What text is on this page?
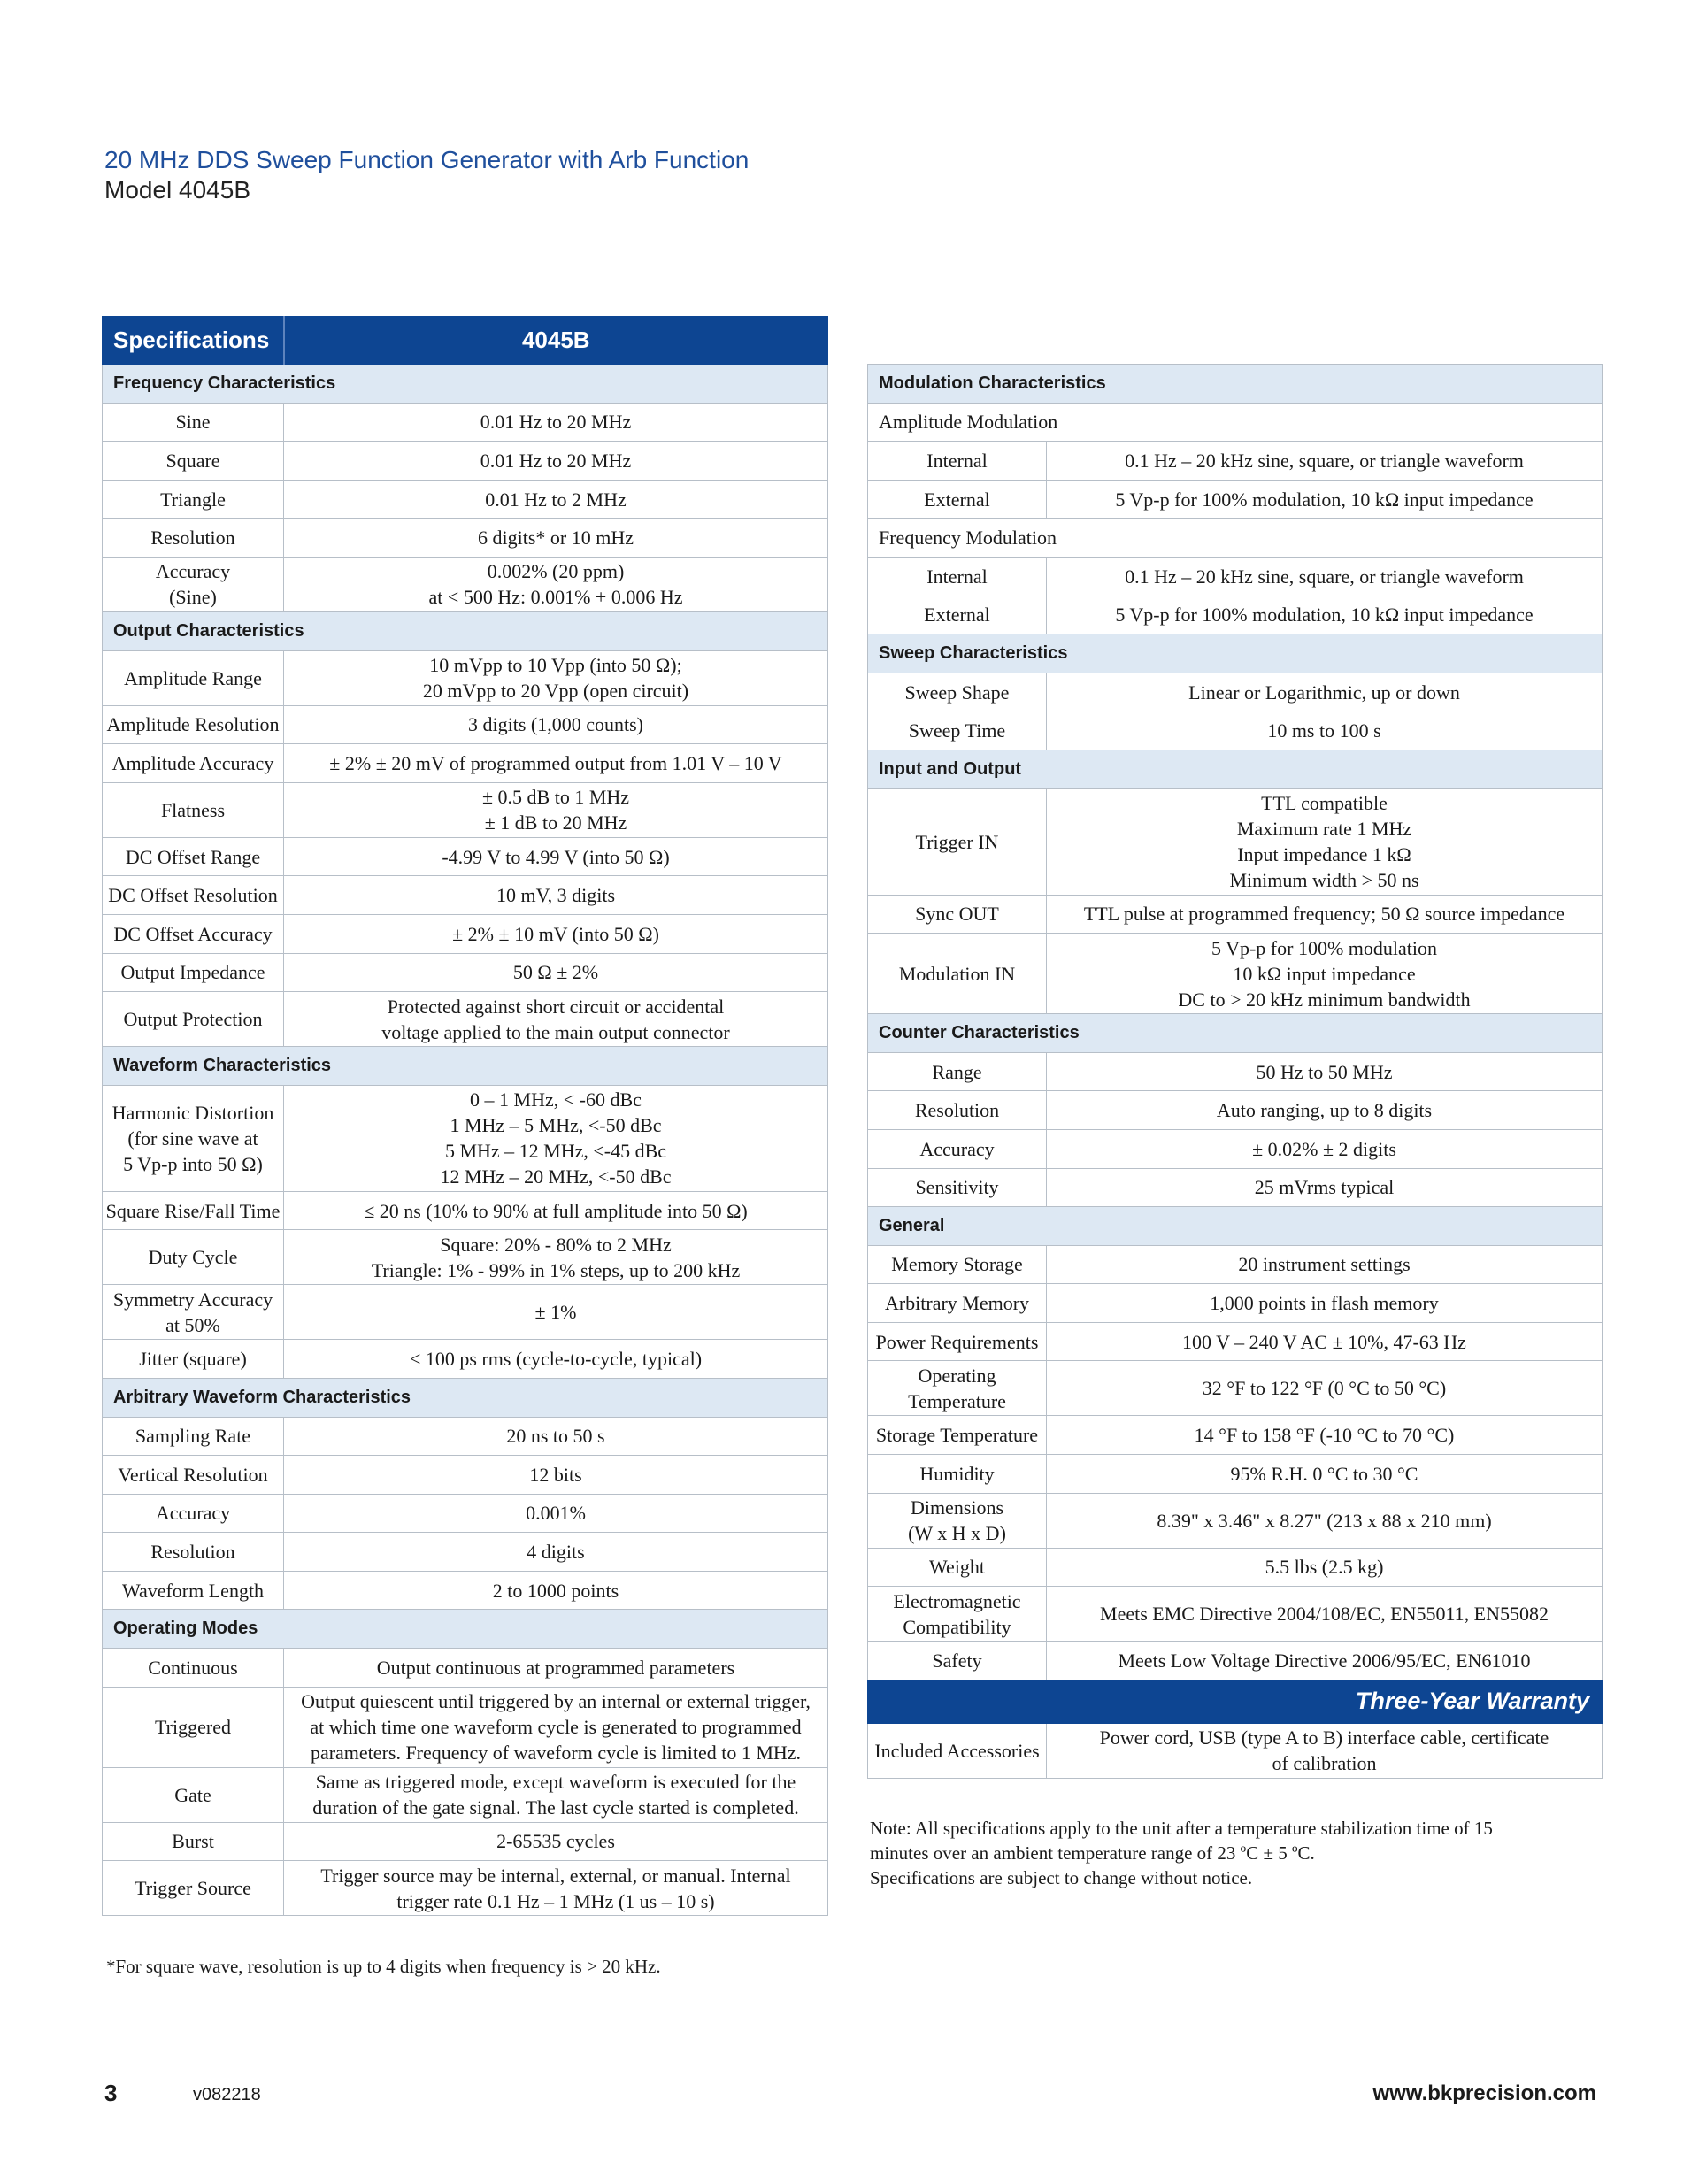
20 MHz DDS Sweep Function Generator with Arb Function
Model 4045B
Specifications	4045B
Frequency Characteristics	
Sine	0.01 Hz to 20 MHz
Square	0.01 Hz to 20 MHz
Triangle	0.01 Hz to 2 MHz
Resolution	6 digits* or 10 mHz
Accuracy
(Sine)	0.002% (20 ppm)
at < 500 Hz: 0.001% + 0.006 Hz
Output Characteristics	
Amplitude Range	10 mVpp to 10 Vpp (into 50 Ω);
20 mVpp to 20 Vpp (open circuit)
Amplitude Resolution	3 digits (1,000 counts)
Amplitude Accuracy	± 2% ± 20 mV of programmed output from 1.01 V – 10 V
Flatness	± 0.5 dB to 1 MHz
± 1 dB to 20 MHz
DC Offset Range	-4.99 V to 4.99 V (into 50 Ω)
DC Offset Resolution	10 mV, 3 digits
DC Offset Accuracy	± 2% ± 10 mV (into 50 Ω)
Output Impedance	50 Ω ± 2%
Output Protection	Protected against short circuit or accidental
voltage applied to the main output connector
Waveform Characteristics	
Harmonic Distortion
(for sine wave at
5 Vp-p into 50 Ω)	0 – 1 MHz, < -60 dBc
1 MHz – 5 MHz, <-50 dBc
5 MHz – 12 MHz, <-45 dBc
12 MHz – 20 MHz, <-50 dBc
Square Rise/Fall Time	≤ 20 ns (10% to 90% at full amplitude into 50 Ω)
Duty Cycle	Square: 20% - 80% to 2 MHz
Triangle: 1% - 99% in 1% steps, up to 200 kHz
Symmetry Accuracy
at 50%	± 1%
Jitter (square)	< 100 ps rms (cycle-to-cycle, typical)
Arbitrary Waveform Characteristics	
Sampling Rate	20 ns to 50 s
Vertical Resolution	12 bits
Accuracy	0.001%
Resolution	4 digits
Waveform Length	2 to 1000 points
Operating Modes	
Continuous	Output continuous at programmed parameters
Triggered	Output quiescent until triggered by an internal or external trigger,
at which time one waveform cycle is generated to programmed
parameters. Frequency of waveform cycle is limited to 1 MHz.
Gate	Same as triggered mode, except waveform is executed for the
duration of the gate signal. The last cycle started is completed.
Burst	2-65535 cycles
Trigger Source	Trigger source may be internal, external, or manual. Internal
trigger rate 0.1 Hz – 1 MHz (1 us – 10 s)
Modulation Characteristics	
Amplitude Modulation	
Internal	0.1 Hz – 20 kHz sine, square, or triangle waveform
External	5 Vp-p for 100% modulation, 10 kΩ input impedance
Frequency Modulation	
Internal	0.1 Hz – 20 kHz sine, square, or triangle waveform
External	5 Vp-p for 100% modulation, 10 kΩ input impedance
Sweep Characteristics	
Sweep Shape	Linear or Logarithmic, up or down
Sweep Time	10 ms to 100 s
Input and Output	
Trigger IN	TTL compatible
Maximum rate 1 MHz
Input impedance 1 kΩ
Minimum width > 50 ns
Sync OUT	TTL pulse at programmed frequency; 50 Ω source impedance
Modulation IN	5 Vp-p for 100% modulation
10 kΩ input impedance
DC to > 20 kHz minimum bandwidth
Counter Characteristics	
Range	50 Hz to 50 MHz
Resolution	Auto ranging, up to 8 digits
Accuracy	± 0.02% ± 2 digits
Sensitivity	25 mVrms typical
General	
Memory Storage	20 instrument settings
Arbitrary Memory	1,000 points in flash memory
Power Requirements	100 V – 240 V AC ± 10%, 47-63 Hz
Operating
Temperature	32 °F to 122 °F (0 °C to 50 °C)
Storage Temperature	14 °F to 158 °F (-10 °C to 70 °C)
Humidity	95% R.H. 0 °C to 30 °C
Dimensions
(W x H x D)	8.39" x 3.46" x 8.27" (213 x 88 x 210 mm)
Weight	5.5 lbs (2.5 kg)
Electromagnetic
Compatibility	Meets EMC Directive 2004/108/EC, EN55011, EN55082
Safety	Meets Low Voltage Directive 2006/95/EC, EN61010
Three-Year Warranty	
Included Accessories	Power cord, USB (type A to B) interface cable, certificate
of calibration
*For square wave, resolution is up to 4 digits when frequency is > 20 kHz.
Note: All specifications apply to the unit after a temperature stabilization time of 15
minutes over an ambient temperature range of 23 ºC ± 5 ºC.
Specifications are subject to change without notice.
3	v082218	www.bkprecision.com
